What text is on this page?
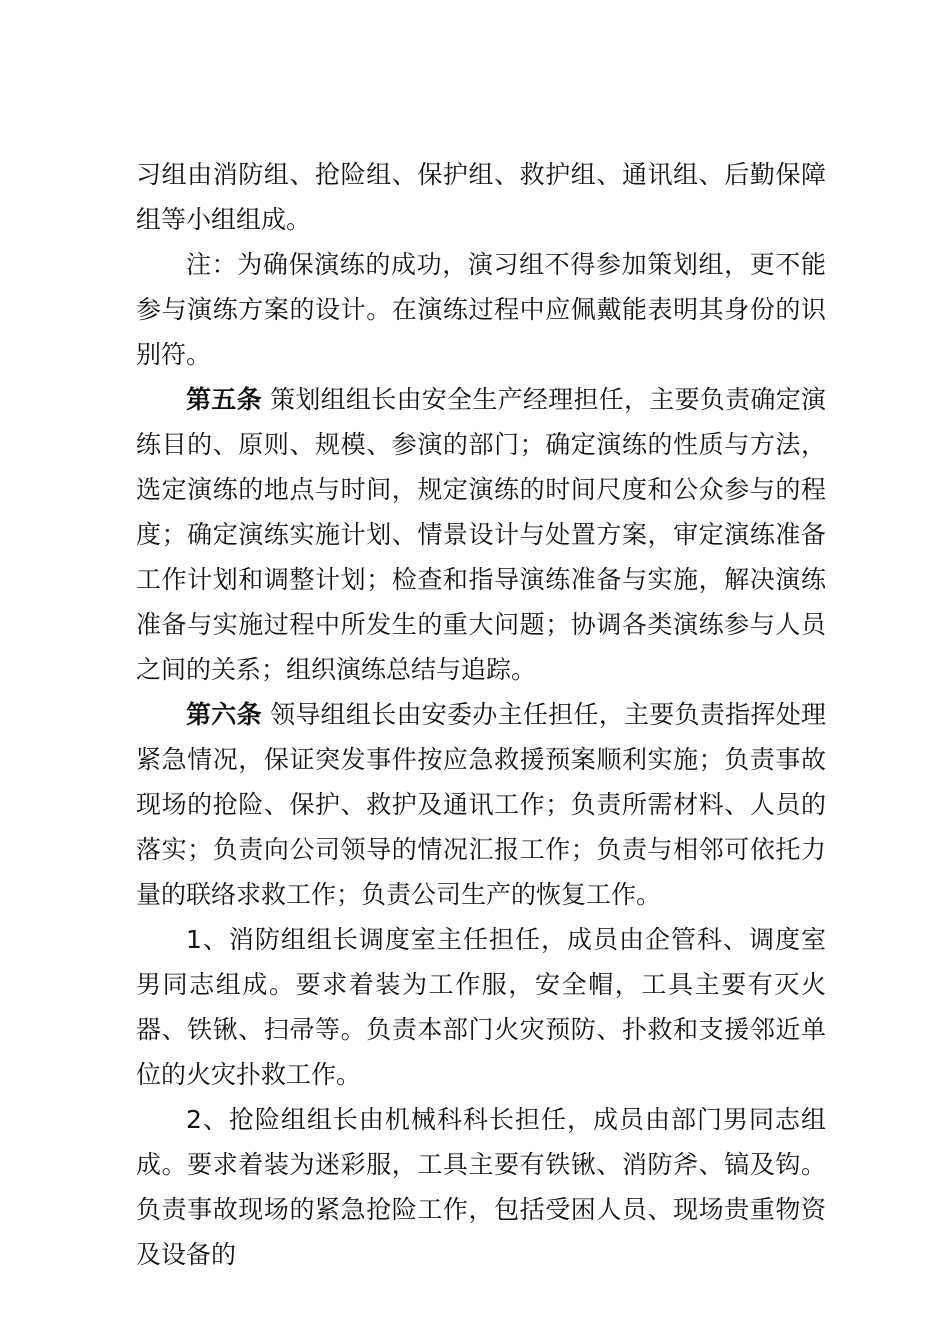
习组由消防组、抢险组、保护组、救护组、通讯组、后勤保障组等小组组成。

注：为确保演练的成功，演习组不得参加策划组，更不能参与演练方案的设计。在演练过程中应佩戴能表明其身份的识别符。

第五条 策划组组长由安全生产经理担任，主要负责确定演练目的、原则、规模、参演的部门；确定演练的性质与方法，选定演练的地点与时间，规定演练的时间尺度和公众参与的程度；确定演练实施计划、情景设计与处置方案，审定演练准备工作计划和调整计划；检查和指导演练准备与实施，解决演练准备与实施过程中所发生的重大问题；协调各类演练参与人员之间的关系；组织演练总结与追踪。

第六条 领导组组长由安委办主任担任，主要负责指挥处理紧急情况，保证突发事件按应急救援预案顺利实施；负责事故现场的抢险、保护、救护及通讯工作；负责所需材料、人员的落实；负责向公司领导的情况汇报工作；负责与相邻可依托力量的联络求救工作；负责公司生产的恢复工作。

1、消防组组长调度室主任担任，成员由企管科、调度室男同志组成。要求着装为工作服，安全帽，工具主要有灭火器、铁锹、扫帚等。负责本部门火灾预防、扑救和支援邻近单位的火灾扑救工作。

2、抢险组组长由机械科科长担任，成员由部门男同志组成。要求着装为迷彩服，工具主要有铁锹、消防斧、镐及钩。负责事故现场的紧急抢险工作，包括受困人员、现场贵重物资及设备的
